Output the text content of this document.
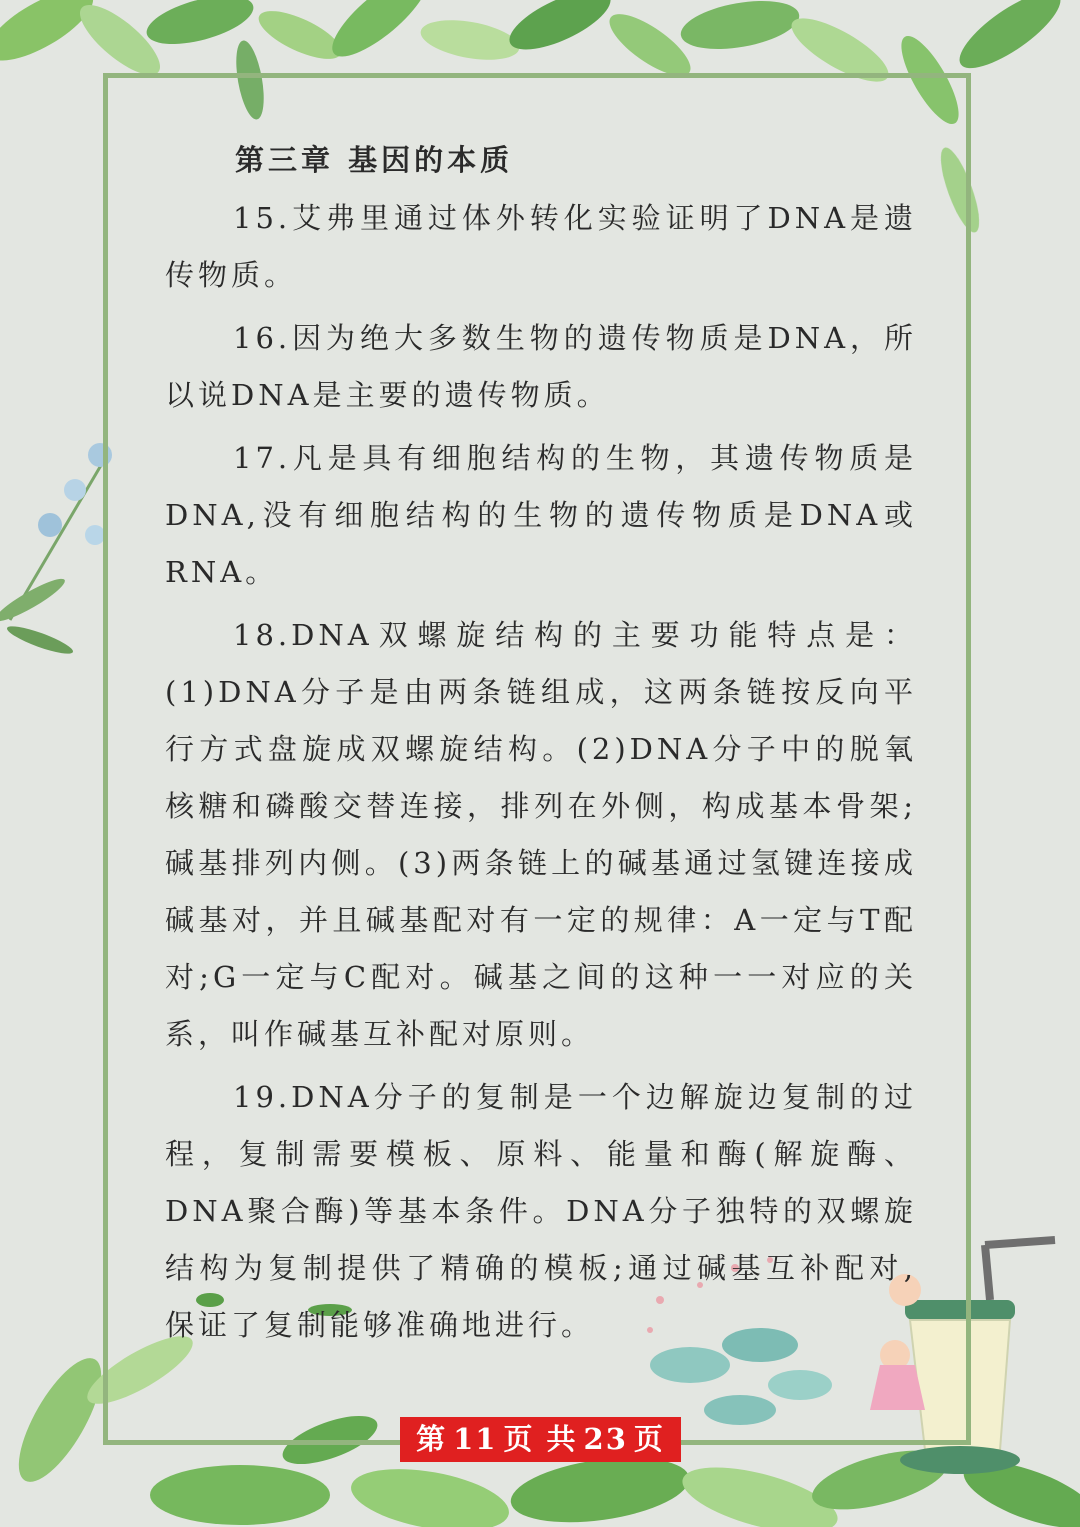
第三章 基因的本质

15.艾弗里通过体外转化实验证明了DNA是遗传物质。

16.因为绝大多数生物的遗传物质是DNA，所以说DNA是主要的遗传物质。

17.凡是具有细胞结构的生物，其遗传物质是DNA,没有细胞结构的生物的遗传物质是DNA或RNA。

18.DNA双螺旋结构的主要功能特点是：(1)DNA分子是由两条链组成，这两条链按反向平行方式盘旋成双螺旋结构。(2)DNA分子中的脱氧核糖和磷酸交替连接，排列在外侧，构成基本骨架;碱基排列内侧。(3)两条链上的碱基通过氢键连接成碱基对，并且碱基配对有一定的规律：A一定与T配对;G一定与C配对。碱基之间的这种一一对应的关系，叫作碱基互补配对原则。

19.DNA分子的复制是一个边解旋边复制的过程，复制需要模板、原料、能量和酶(解旋酶、DNA聚合酶)等基本条件。DNA分子独特的双螺旋结构为复制提供了精确的模板;通过碱基互补配对,保证了复制能够准确地进行。

第 11 页 共 23 页
